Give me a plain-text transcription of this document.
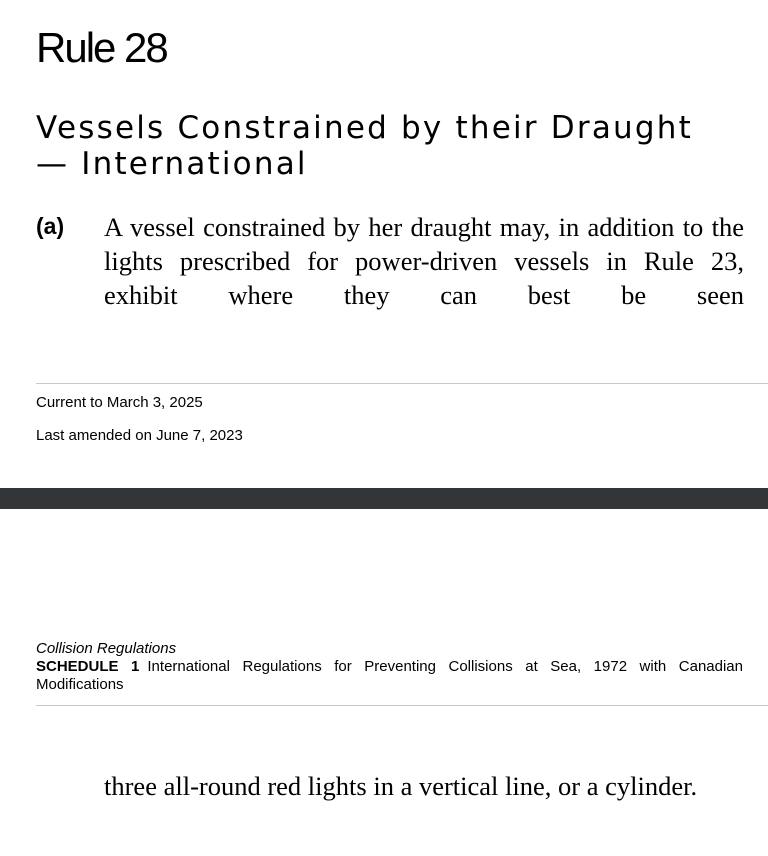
Rule 28
Vessels Constrained by their Draught — International
(a) A vessel constrained by her draught may, in addition to the lights prescribed for power-driven vessels in Rule 23, exhibit where they can best be seen

Current to March 3, 2025
Last amended on June 7, 2023
Collision Regulations
SCHEDULE 1 International Regulations for Preventing Collisions at Sea, 1972 with Canadian Modifications

three all-round red lights in a vertical line, or a cylinder.
